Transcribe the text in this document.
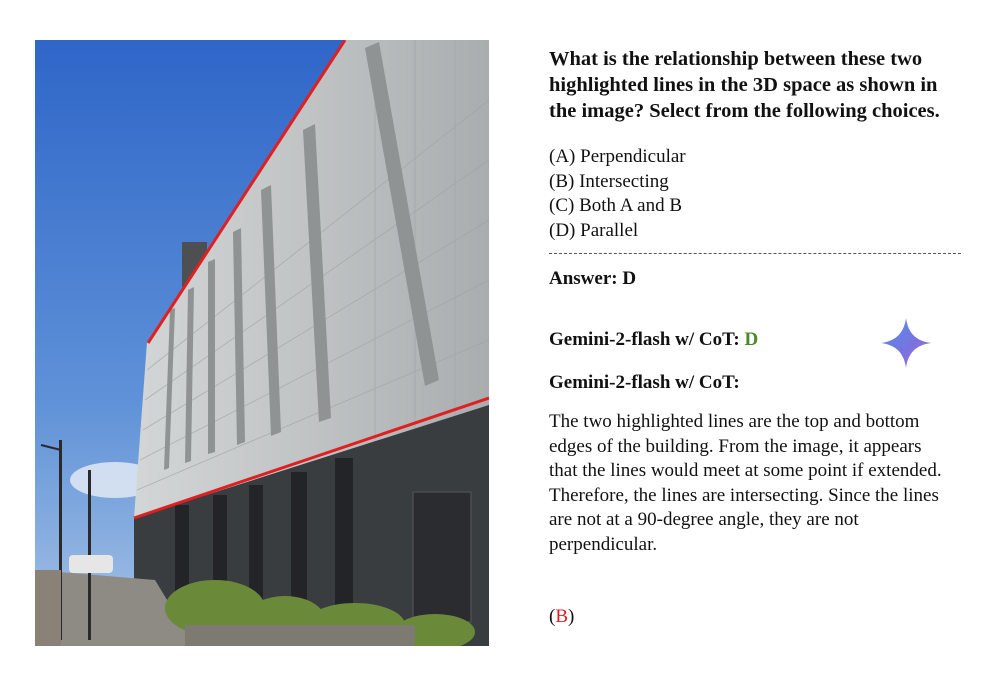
What is the relationship between these two highlighted lines in the 3D space as shown in the image? Select from the following choices.

(A) Perpendicular
(B) Intersecting
(C) Both A and B
(D) Parallel
Answer: D
Gemini-2-flash w/ CoT: D
Gemini-2-flash w/ CoT:
The two highlighted lines are the top and bottom edges of the building. From the image, it appears that the lines would meet at some point if extended.
Therefore, the lines are intersecting. Since the lines are not at a 90-degree angle, they are not perpendicular.
(B)
